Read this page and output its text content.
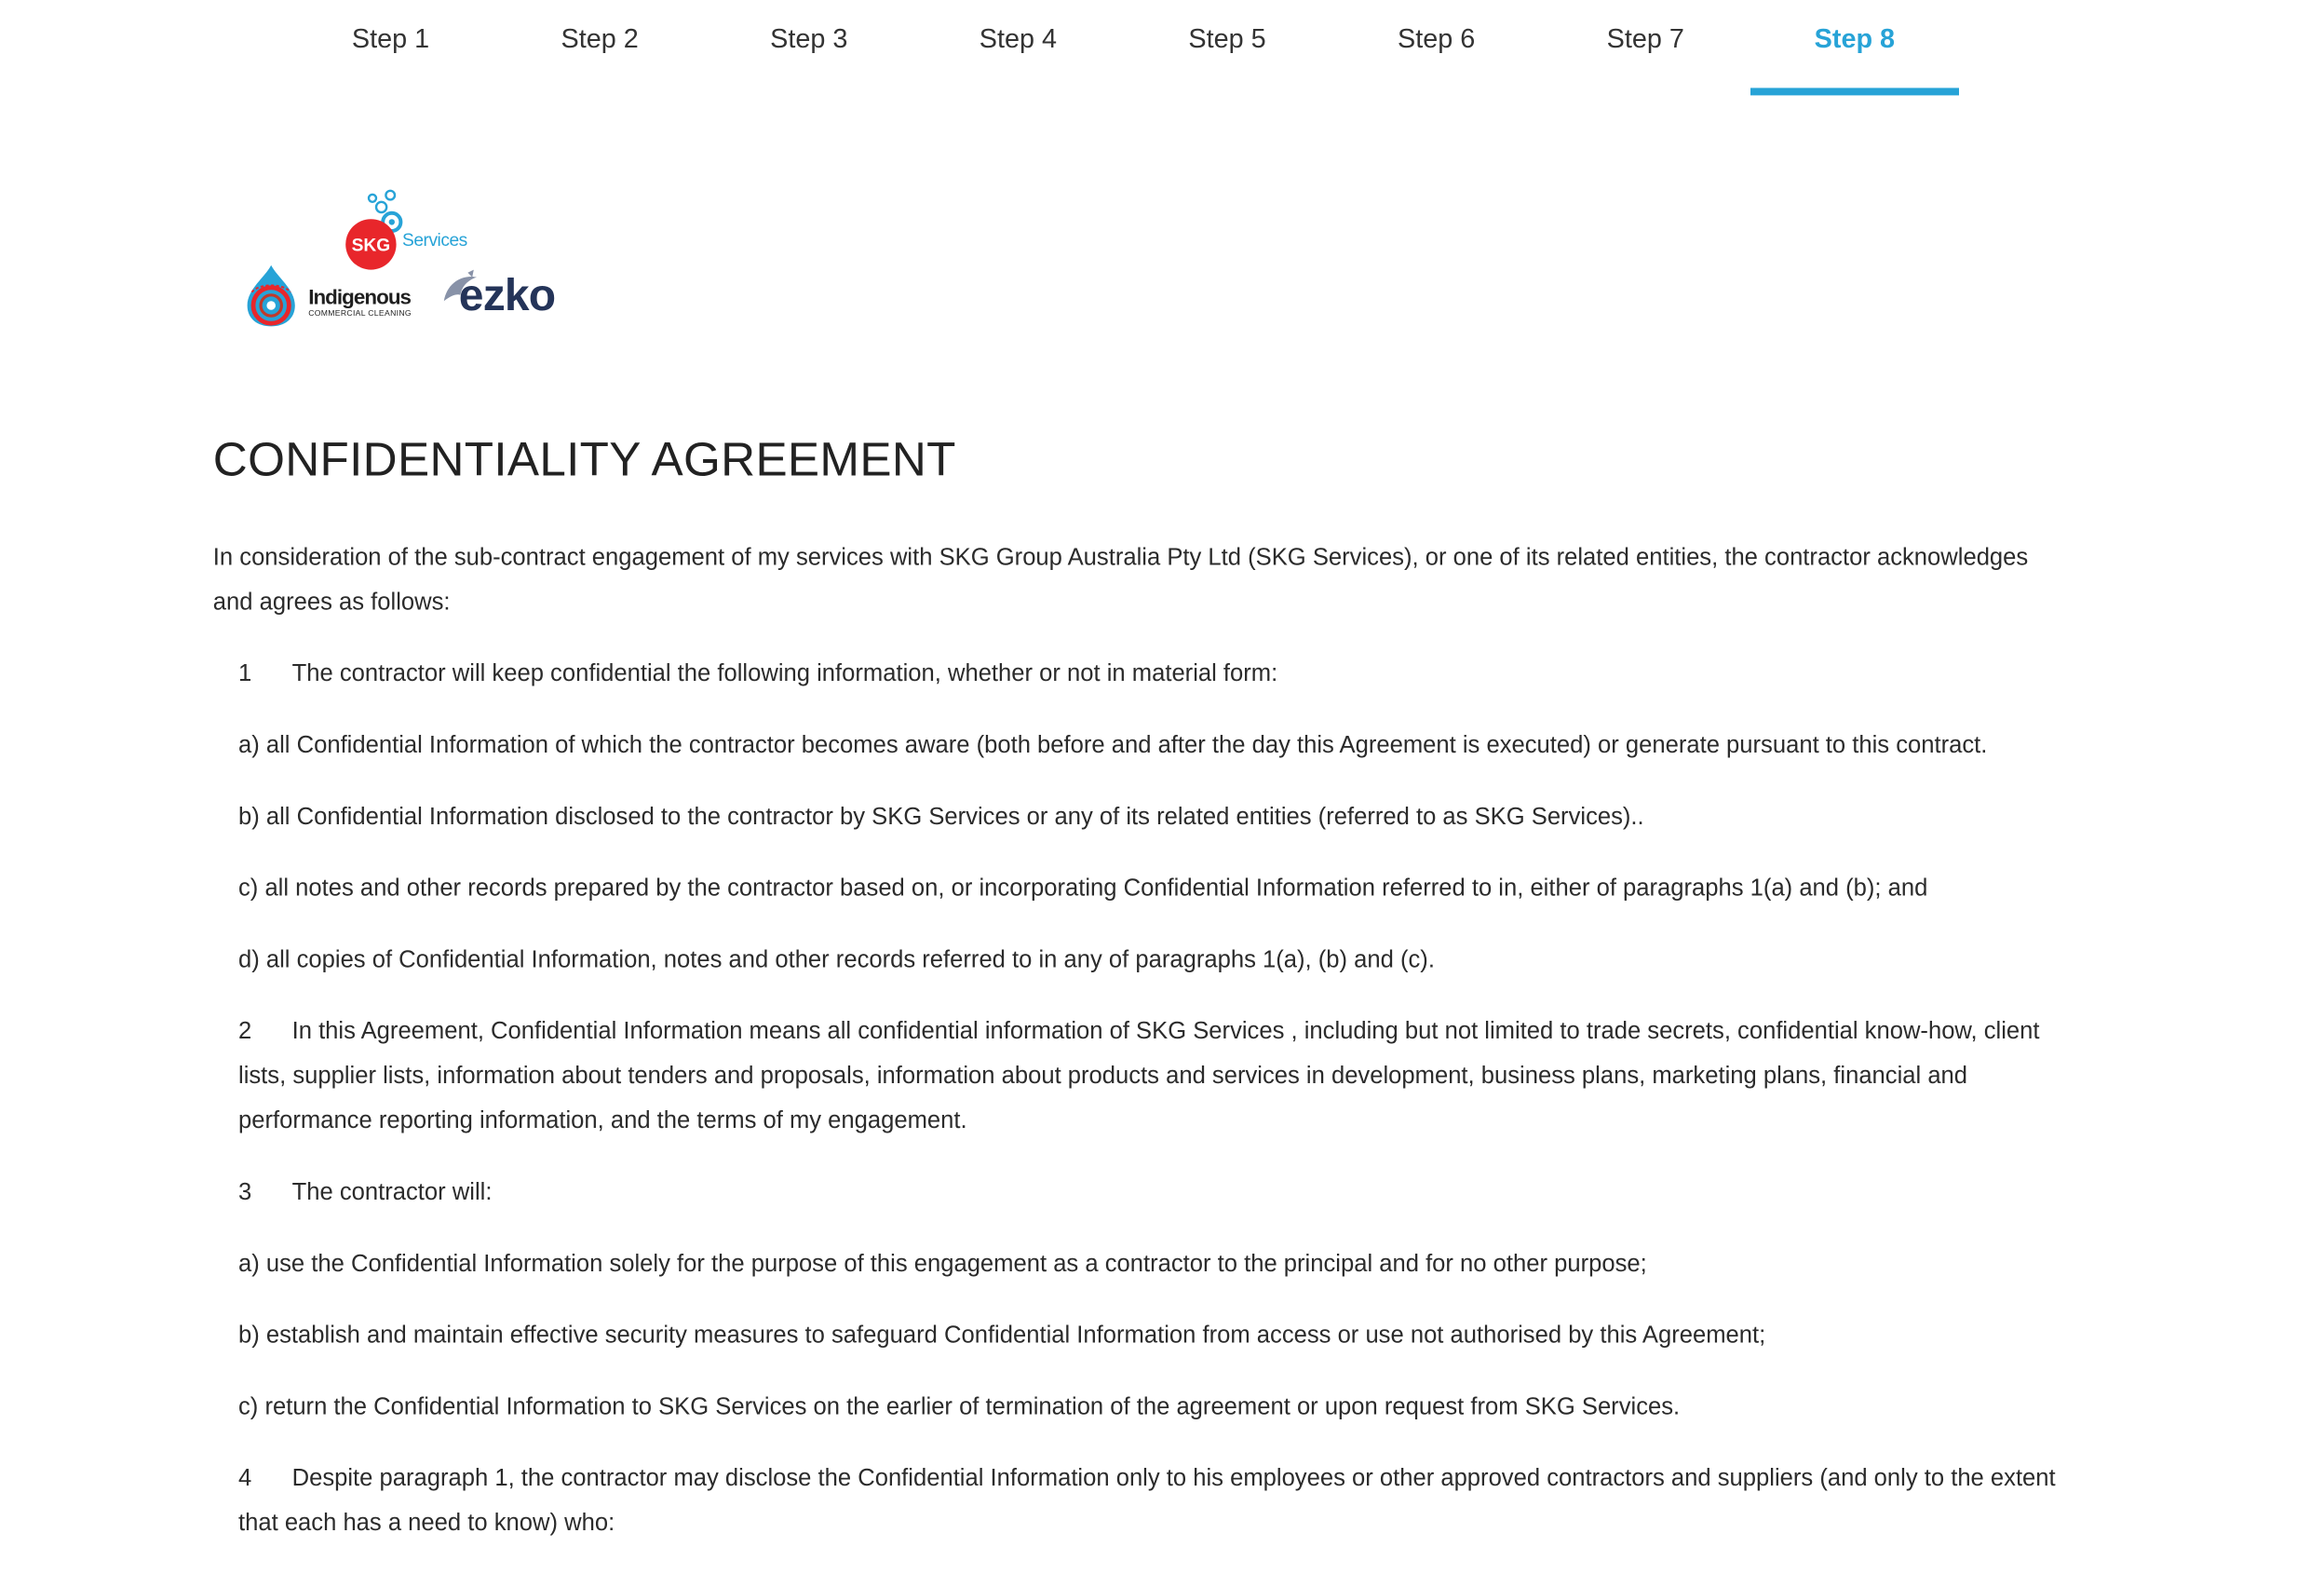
Step 1	Step 2	Step 3	Step 4	Step 5	Step 6	Step 7	Step 8
SKG Services
Indigenous
COMMERCIAL CLEANING ezko
CONFIDENTIALITY AGREEMENT

In consideration of the sub-contract engagement of my services with SKG Group Australia Pty Ltd (SKG Services), or one of its related entities, the contractor acknowledges and agrees as follows:

1	The contractor will keep confidential the following information, whether or not in material form:

a) all Confidential Information of which the contractor becomes aware (both before and after the day this Agreement is executed) or generate pursuant to this contract.

b) all Confidential Information disclosed to the contractor by SKG Services or any of its related entities (referred to as SKG Services)..

c) all notes and other records prepared by the contractor based on, or incorporating Confidential Information referred to in, either of paragraphs 1(a) and (b); and

d) all copies of Confidential Information, notes and other records referred to in any of paragraphs 1(a), (b) and (c).

2	In this Agreement, Confidential Information means all confidential information of SKG Services , including but not limited to trade secrets, confidential know-how, client lists, supplier lists, information about tenders and proposals, information about products and services in development, business plans, marketing plans, financial and performance reporting information, and the terms of my engagement.

3	The contractor will:

a) use the Confidential Information solely for the purpose of this engagement as a contractor to the principal and for no other purpose;

b) establish and maintain effective security measures to safeguard Confidential Information from access or use not authorised by this Agreement;

c) return the Confidential Information to SKG Services on the earlier of termination of the agreement or upon request from SKG Services.

4	Despite paragraph 1, the contractor may disclose the Confidential Information only to his employees or other approved contractors and suppliers (and only to the extent that each has a need to know) who:
